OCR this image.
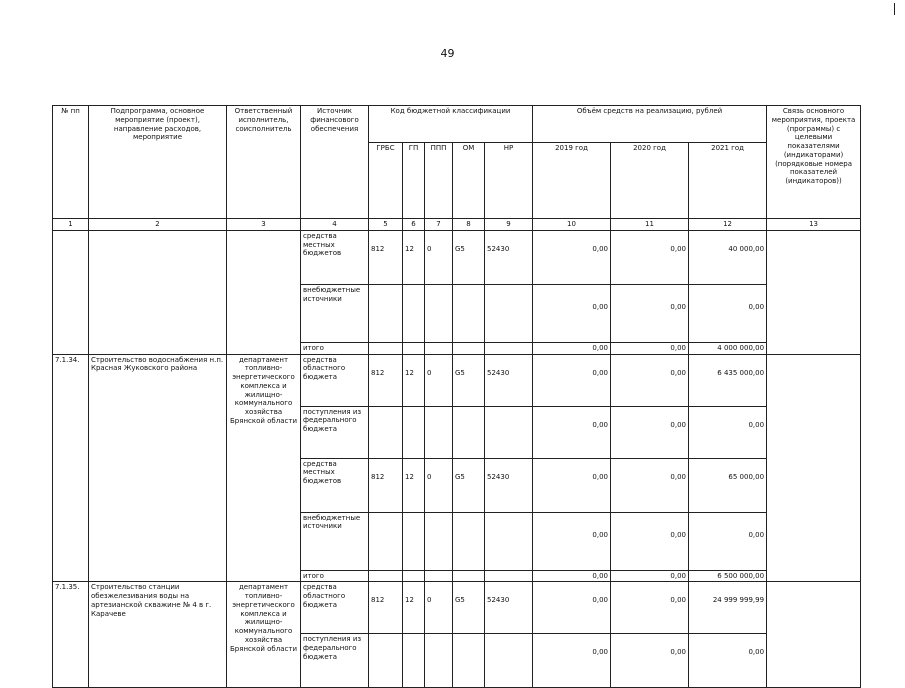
49
№ пп	Подпрограмма, основное мероприятие (проект), направление расходов, мероприятие	Ответственный исполнитель, соисполнитель	Источник финансового обеспечения	Код бюджетной классификации					Объём средств на реализацию, рублей			Связь основного мероприятия, проекта (программы) с целевыми показателями (индикаторами) (порядковые номера показателей (индикаторов))
				ГРБС	ГП	ППП	ОМ	НР	2019 год	2020 год	2021 год	
1	2	3	4	5	6	7	8	9	10	11	12	13
			средства местных бюджетов	812	12	0	G5	52430	0,00	0,00	40 000,00	
			внебюджетные источники						0,00	0,00	0,00	
			итого						0,00	0,00	4 000 000,00	
7.1.34.	Строительство водоснабжения н.п. Красная Жуковского района	департамент топливно-энергетического комплекса и жилищно-коммунального хозяйства Брянской области	средства областного бюджета	812	12	0	G5	52430	0,00	0,00	6 435 000,00	
			поступления из федерального бюджета						0,00	0,00	0,00	
			средства местных бюджетов	812	12	0	G5	52430	0,00	0,00	65 000,00	
			внебюджетные источники						0,00	0,00	0,00	
			итого						0,00	0,00	6 500 000,00	
7.1.35.	Строительство станции обезжелезивания воды на артезианской скважине № 4 в г. Карачеве	департамент топливно-энергетического комплекса и жилищно-коммунального хозяйства Брянской области	средства областного бюджета	812	12	0	G5	52430	0,00	0,00	24 999 999,99	
			поступления из федерального бюджета						0,00	0,00	0,00	
